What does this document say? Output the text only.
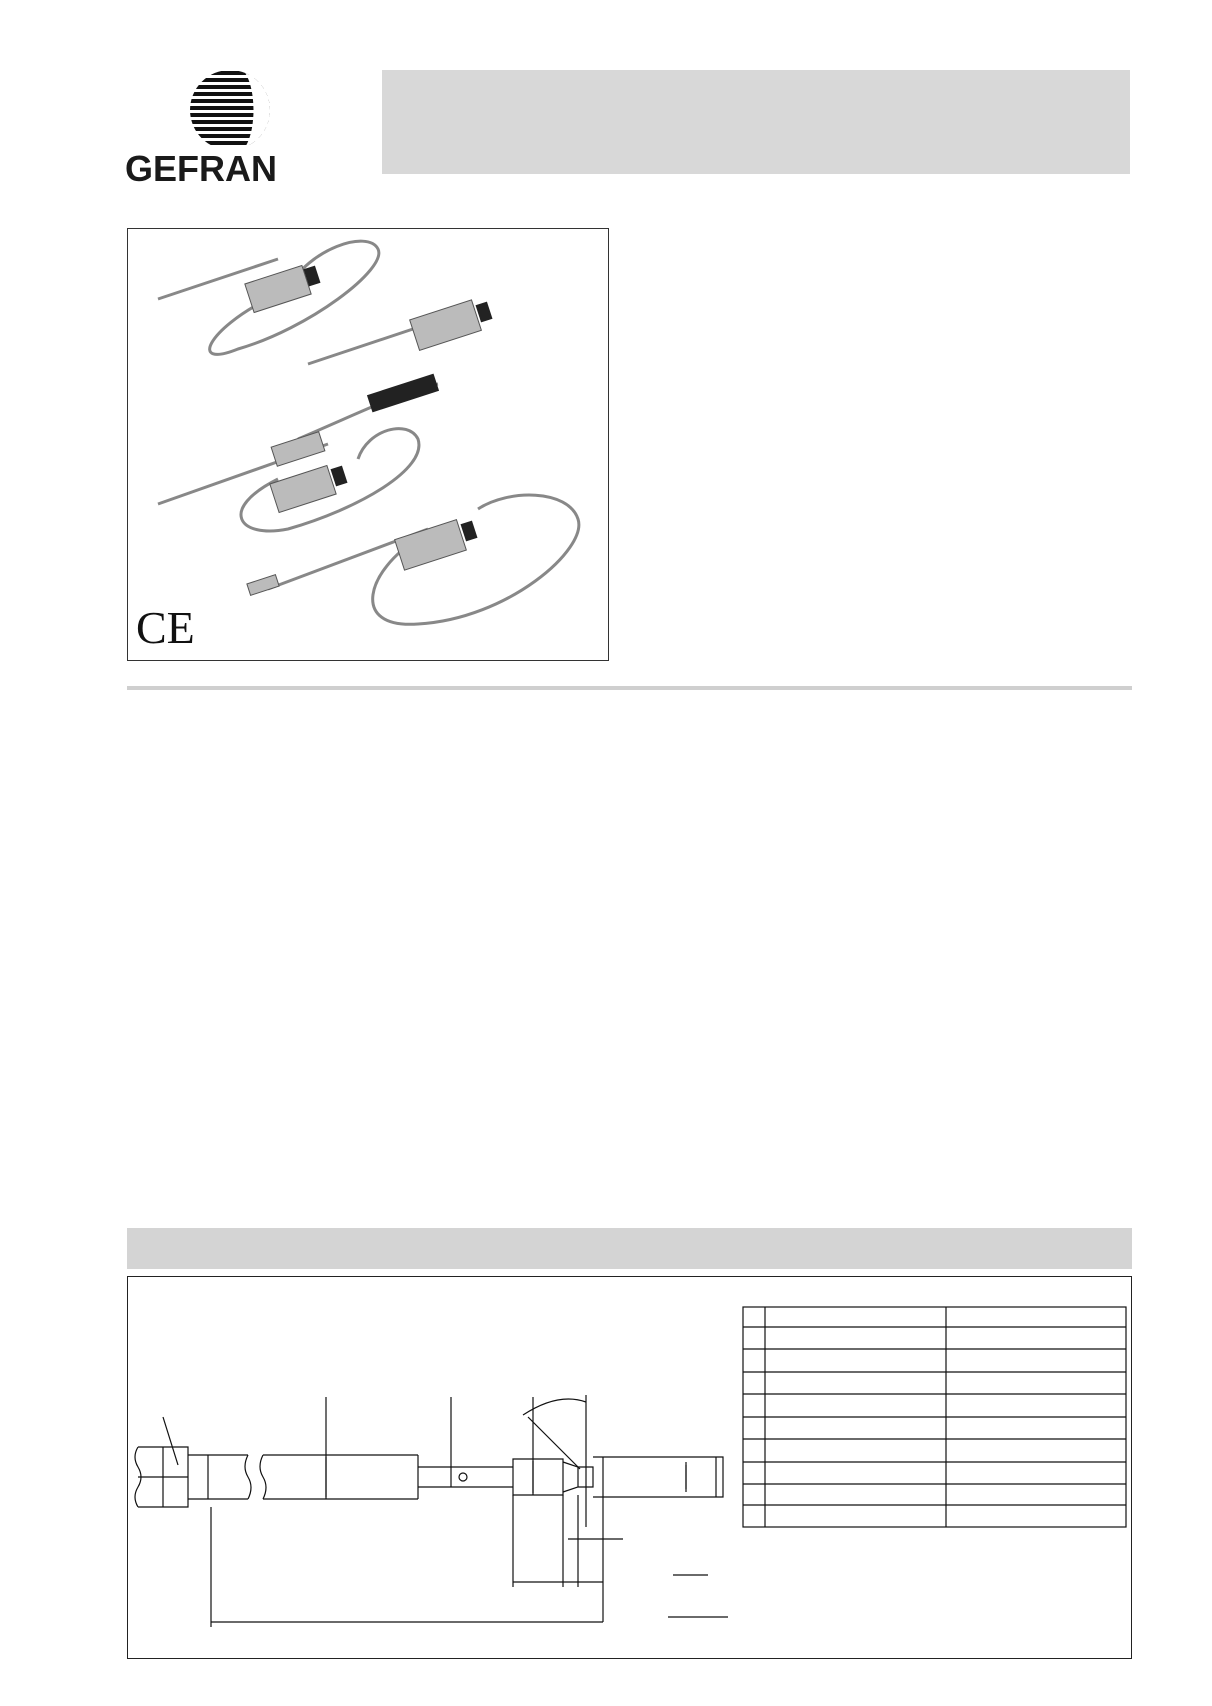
GEFRAN
CE
